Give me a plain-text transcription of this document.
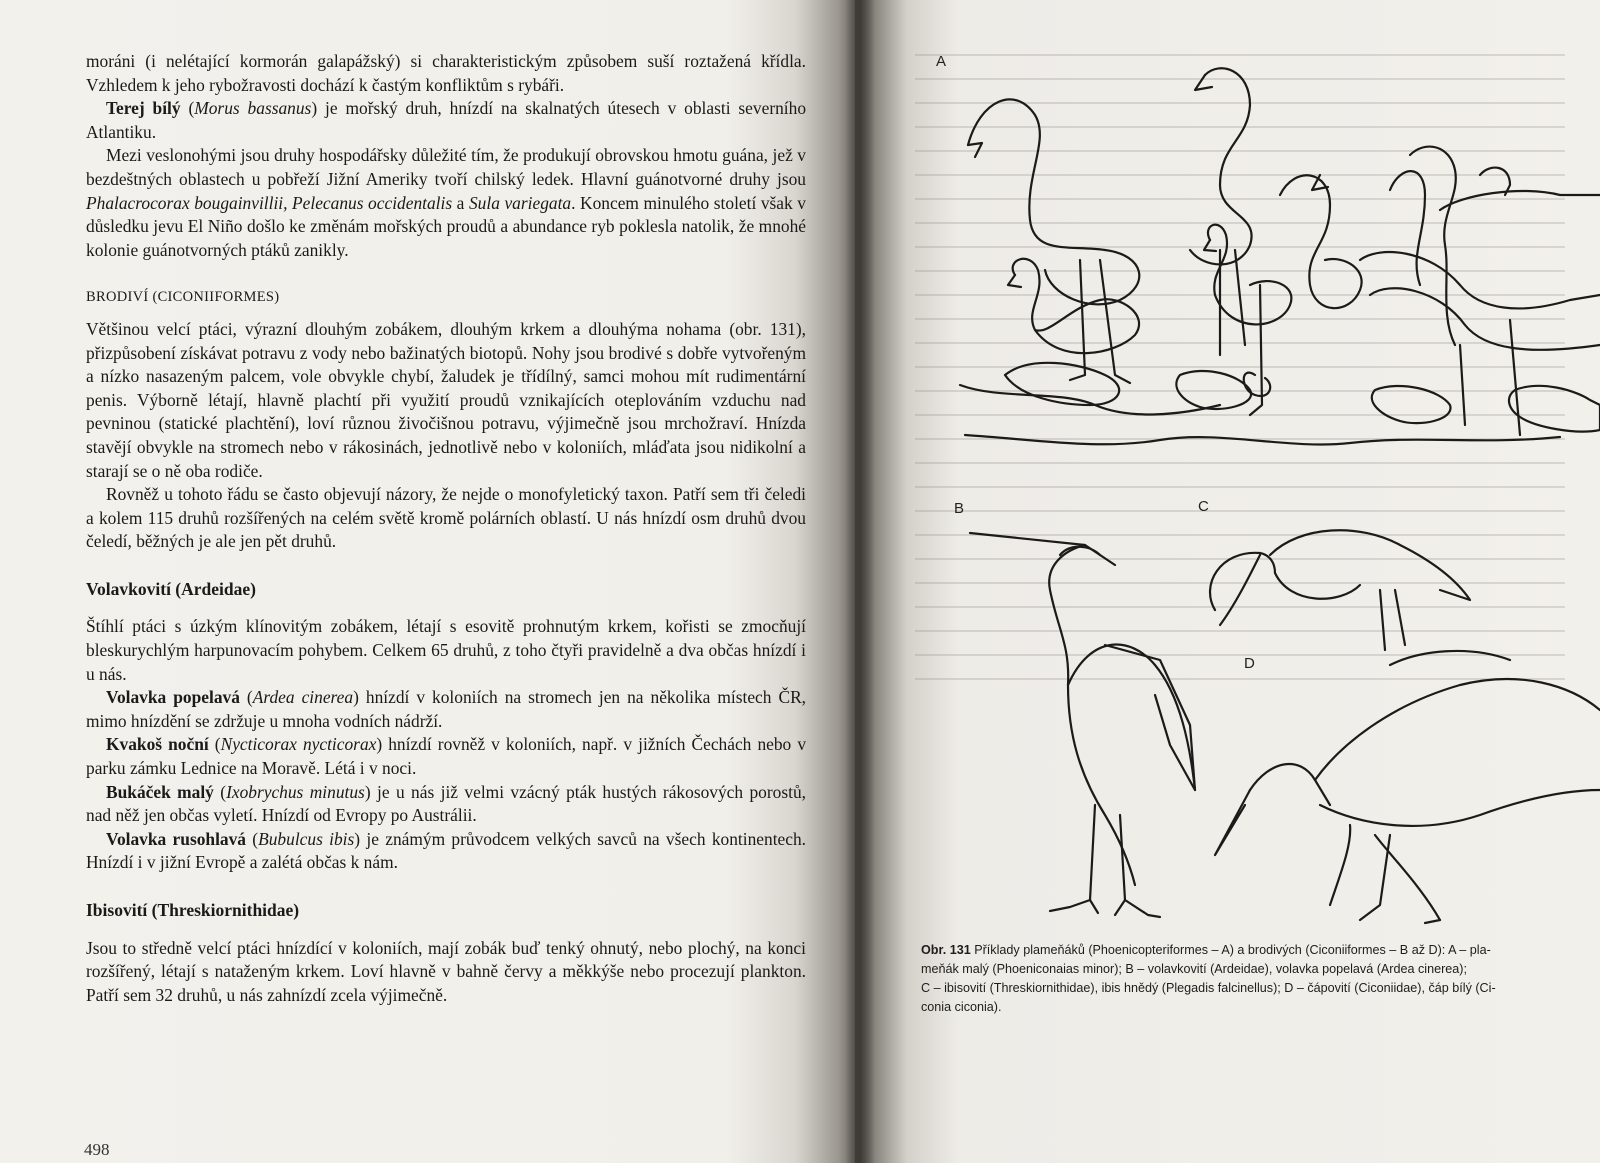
moráni (i nelétající kormorán galapážský) si charakteristickým způsobem suší roztažená křídla. Vzhledem k jeho rybožravosti dochází k častým konfliktům s rybáři.

Terej bílý (Morus bassanus) je mořský druh, hnízdí na skalnatých útesech v oblasti severního Atlantiku.

Mezi veslonohými jsou druhy hospodářsky důležité tím, že produkují obrovskou hmotu guána, jež v bezdeštných oblastech u pobřeží Jižní Ameriky tvoří chilský ledek. Hlavní guánotvorné druhy jsou Phalacrocorax bougainvillii, Pelecanus occidentalis a Sula variegata. Koncem minulého století však v důsledku jevu El Niño došlo ke změnám mořských proudů a abundance ryb poklesla natolik, že mnohé kolonie guánotvorných ptáků zanikly.

BRODIVÍ (CICONIIFORMES)

Většinou velcí ptáci, výrazní dlouhým zobákem, dlouhým krkem a dlouhýma nohama (obr. 131), přizpůsobení získávat potravu z vody nebo bažinatých biotopů. Nohy jsou brodivé s dobře vytvořeným a nízko nasazeným palcem, vole obvykle chybí, žaludek je třídílný, samci mohou mít rudimentární penis. Výborně létají, hlavně plachtí při využití proudů vznikajících oteplováním vzduchu nad pevninou (statické plachtění), loví různou živočišnou potravu, výjimečně jsou mrchožraví. Hnízda stavějí obvykle na stromech nebo v rákosinách, jednotlivě nebo v koloniích, mláďata jsou nidikolní a starají se o ně oba rodiče.

Rovněž u tohoto řádu se často objevují názory, že nejde o monofyletický taxon. Patří sem tři čeledi a kolem 115 druhů rozšířených na celém světě kromě polárních oblastí. U nás hnízdí osm druhů dvou čeledí, běžných je ale jen pět druhů.

Volavkovití (Ardeidae)

Štíhlí ptáci s úzkým klínovitým zobákem, létají s esovitě prohnutým krkem, kořisti se zmocňují bleskurychlým harpunovacím pohybem. Celkem 65 druhů, z toho čtyři pravidelně a dva občas hnízdí i u nás.

Volavka popelavá (Ardea cinerea) hnízdí v koloniích na stromech jen na několika místech ČR, mimo hnízdění se zdržuje u mnoha vodních nádrží.

Kvakoš noční (Nycticorax nycticorax) hnízdí rovněž v koloniích, např. v jižních Čechách nebo v parku zámku Lednice na Moravě. Létá i v noci.

Bukáček malý (Ixobrychus minutus) je u nás již velmi vzácný pták hustých rákosových porostů, nad něž jen občas vyletí. Hnízdí od Evropy po Austrálii.

Volavka rusohlavá (Bubulcus ibis) je známým průvodcem velkých savců na všech kontinentech. Hnízdí i v jižní Evropě a zalétá občas k nám.

Ibisovití (Threskiornithidae)

Jsou to středně velcí ptáci hnízdící v koloniích, mají zobák buď tenký ohnutý, nebo plochý, na konci rozšířený, létají s nataženým krkem. Loví hlavně v bahně červy a měkkýše nebo procezují plankton. Patří sem 32 druhů, u nás zahnízdí zcela výjimečně.

498
A
B	C
D
Obr. 131 Příklady plameňáků (Phoenicopteriformes – A) a brodivých (Ciconiiformes – B až D): A – pla-
meňák malý (Phoeniconaias minor); B – volavkovití (Ardeidae), volavka popelavá (Ardea cinerea);
C – ibisovití (Threskiornithidae), ibis hnědý (Plegadis falcinellus); D – čápovití (Ciconiidae), čáp bílý (Ci-
conia ciconia).
